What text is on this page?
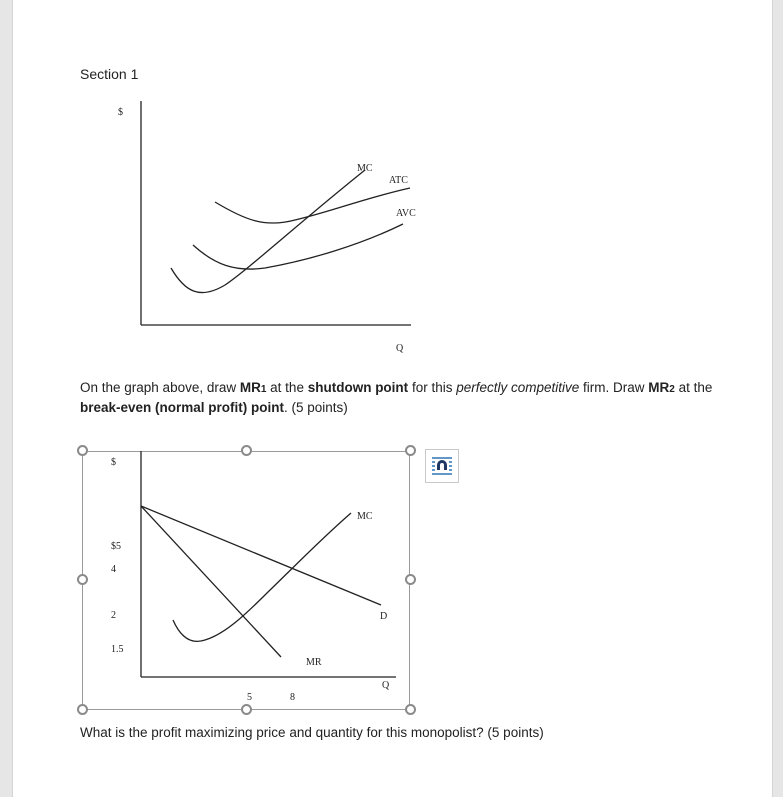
Section 1
$
Q
MC
ATC
AVC
On the graph above, draw MR1 at the shutdown point for this perfectly competitive firm. Draw MR2 at the break-even (normal profit) point. (5 points)
$
$5
4
2
1.5
5	8
Q
MC
D
MR
What is the profit maximizing price and quantity for this monopolist? (5 points)
